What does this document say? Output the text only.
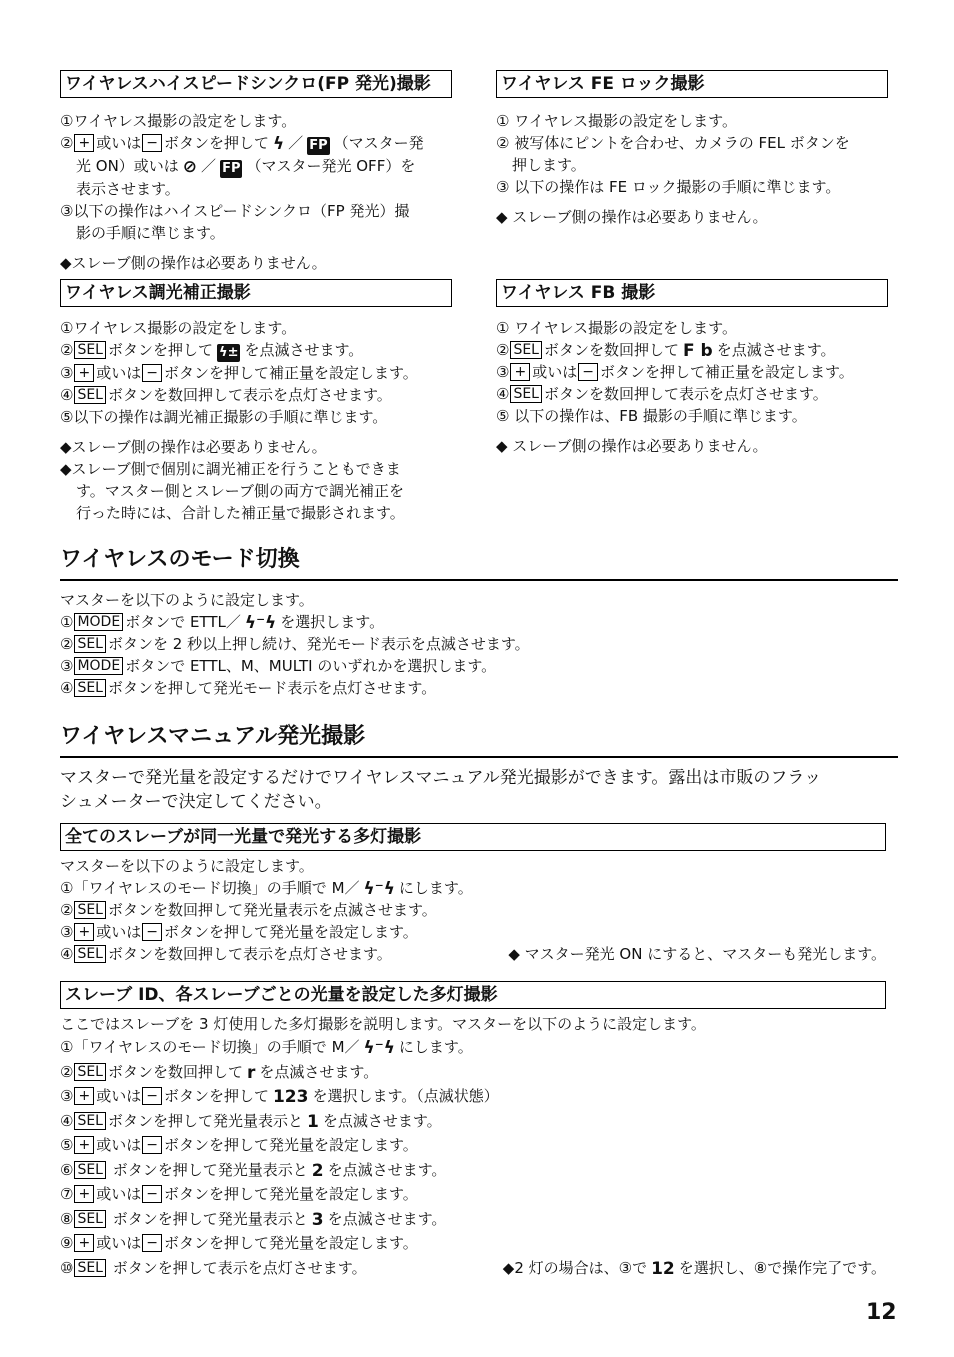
ワイヤレスハイスピードシンクロ(FP 発光)撮影
①ワイヤレス撮影の設定をします。
② + 或いは − ボタンを押して ϟ ／ FP （マスター発
光 ON）或いは ⊘ ／ FP （マスター発光 OFF）を
表示させます。
③以下の操作はハイスピードシンクロ（FP 発光）撮
影の手順に準じます。
◆スレーブ側の操作は必要ありません。
ワイヤレス FE ロック撮影
① ワイヤレス撮影の設定をします。
② 被写体にピントを合わせ、カメラの FEL ボタンを
押します。
③ 以下の操作は FE ロック撮影の手順に準じます。
◆ スレーブ側の操作は必要ありません。
ワイヤレス調光補正撮影
①ワイヤレス撮影の設定をします。
② SEL ボタンを押して ϟ± を点滅させます。
③ + 或いは − ボタンを押して補正量を設定します。
④ SEL ボタンを数回押して表示を点灯させます。
⑤以下の操作は調光補正撮影の手順に準じます。
◆スレーブ側の操作は必要ありません。
◆スレーブ側で個別に調光補正を行うこともできま
す。マスター側とスレーブ側の両方で調光補正を
行った時には、合計した補正量で撮影されます。
ワイヤレス FB 撮影
① ワイヤレス撮影の設定をします。
② SEL ボタンを数回押して F b を点滅させます。
③ + 或いは − ボタンを押して補正量を設定します。
④ SEL ボタンを数回押して表示を点灯させます。
⑤ 以下の操作は、FB 撮影の手順に準じます。
◆ スレーブ側の操作は必要ありません。
ワイヤレスのモード切換
マスターを以下のように設定します。
① MODE ボタンで ETTL／ ϟ⁻ϟ を選択します。
② SEL ボタンを 2 秒以上押し続け、発光モード表示を点滅させます。
③ MODE ボタンで ETTL、M、MULTI のいずれかを選択します。
④ SEL ボタンを押して発光モード表示を点灯させます。
ワイヤレスマニュアル発光撮影
マスターで発光量を設定するだけでワイヤレスマニュアル発光撮影ができます。露出は市販のフラッ
シュメーターで決定してください。
全てのスレーブが同一光量で発光する多灯撮影
マスターを以下のように設定します。
①「ワイヤレスのモード切換」の手順で M／ ϟ⁻ϟ にします。
② SEL ボタンを数回押して発光量表示を点滅させます。
③ + 或いは − ボタンを押して発光量を設定します。
④ SEL ボタンを数回押して表示を点灯させます。	◆ マスター発光 ON にすると、マスターも発光します。
スレーブ ID、各スレーブごとの光量を設定した多灯撮影
ここではスレーブを 3 灯使用した多灯撮影を説明します。マスターを以下のように設定します。
①「ワイヤレスのモード切換」の手順で M／ ϟ⁻ϟ にします。
② SEL ボタンを数回押して r を点滅させます。
③ + 或いは − ボタンを押して 123 を選択します。（点滅状態）
④ SEL ボタンを押して発光量表示と 1 を点滅させます。
⑤ + 或いは − ボタンを押して発光量を設定します。
⑥ SEL ボタンを押して発光量表示と 2 を点滅させます。
⑦ + 或いは − ボタンを押して発光量を設定します。
⑧ SEL ボタンを押して発光量表示と 3 を点滅させます。
⑨ + 或いは − ボタンを押して発光量を設定します。
⑩ SEL ボタンを押して表示を点灯させます。	◆2 灯の場合は、③で 12 を選択し、⑧で操作完了です。
12
